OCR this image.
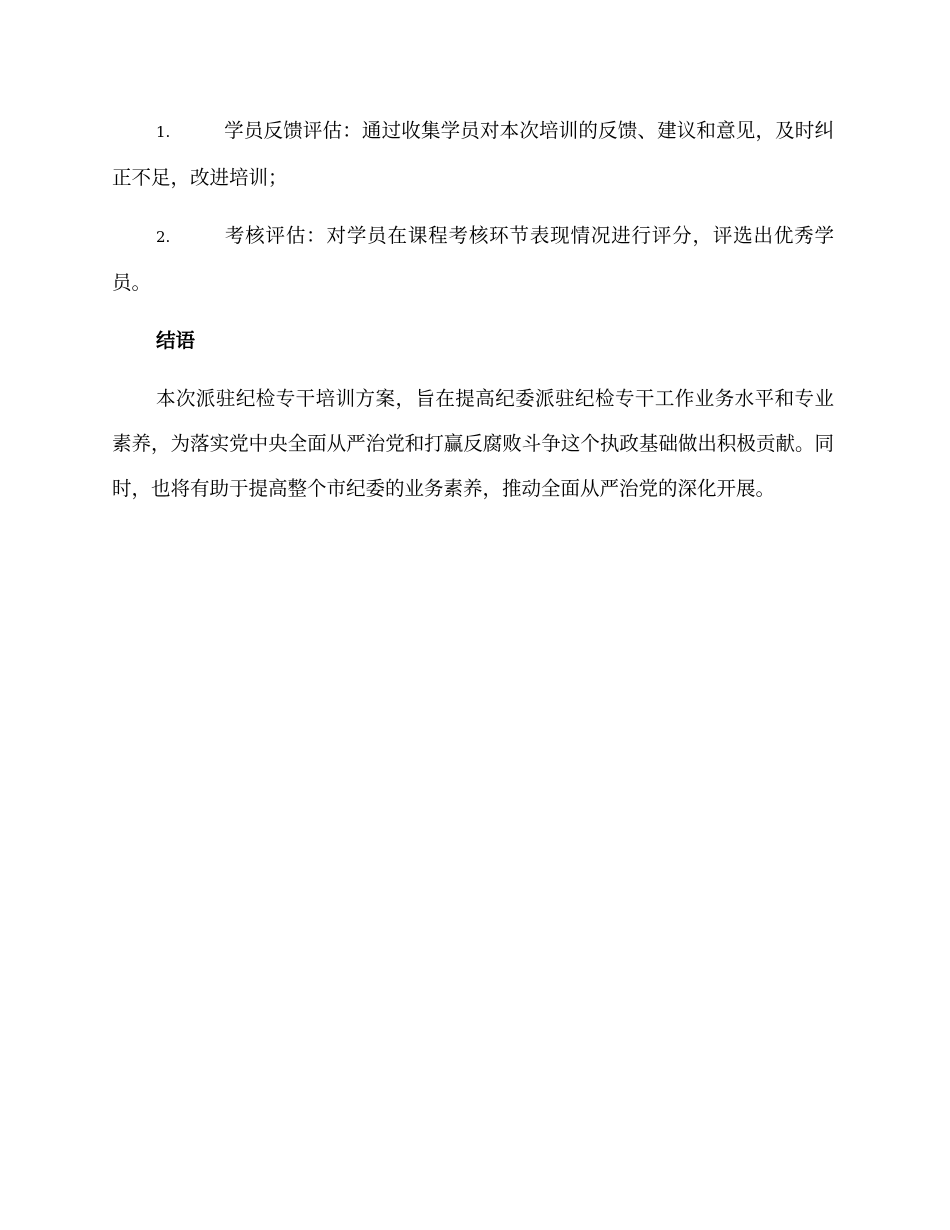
1.	学员反馈评估：通过收集学员对本次培训的反馈、建议和意见，及时纠正不足，改进培训；

2.	考核评估：对学员在课程考核环节表现情况进行评分，评选出优秀学员。

结语

本次派驻纪检专干培训方案，旨在提高纪委派驻纪检专干工作业务水平和专业素养，为落实党中央全面从严治党和打赢反腐败斗争这个执政基础做出积极贡献。同时，也将有助于提高整个市纪委的业务素养，推动全面从严治党的深化开展。
